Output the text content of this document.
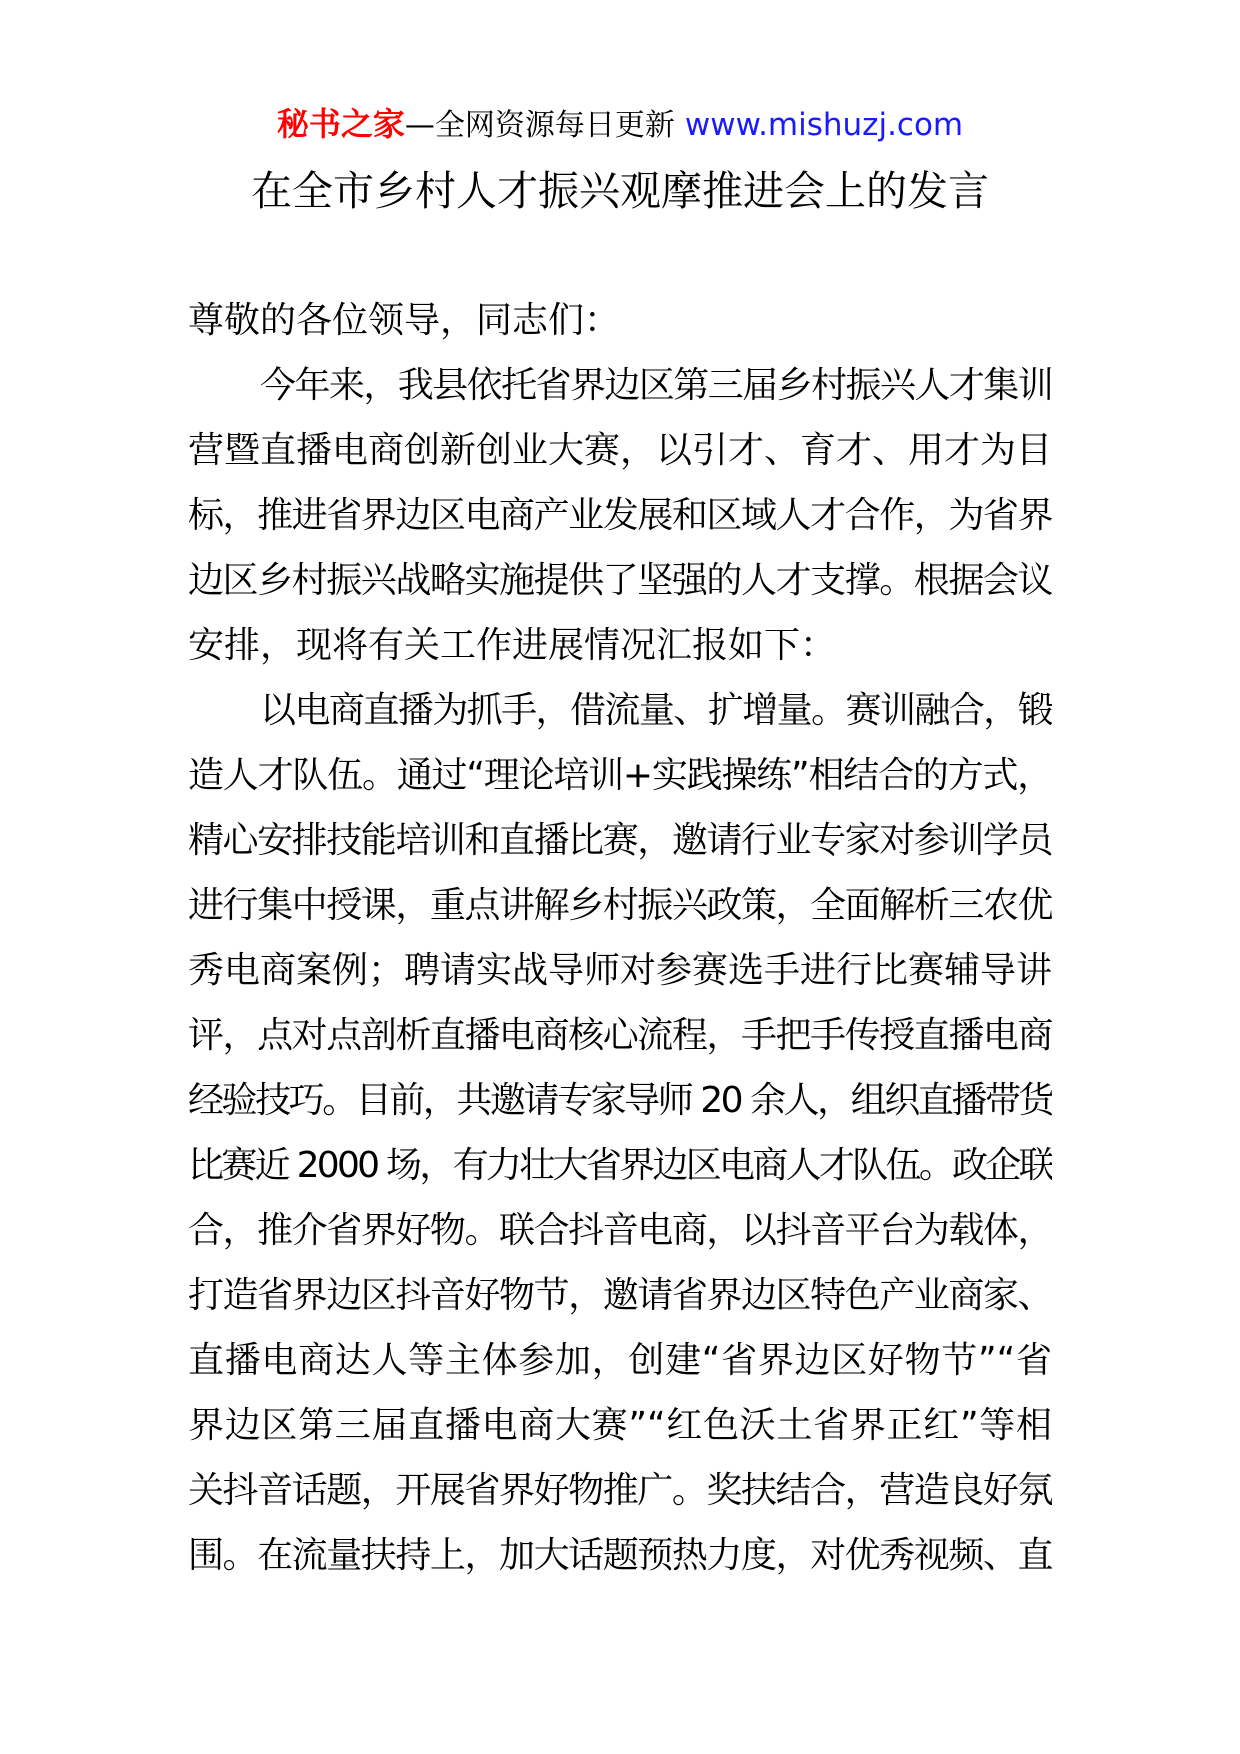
秘书之家—全网资源每日更新 www.mishuzj.com
在全市乡村人才振兴观摩推进会上的发言
尊敬的各位领导，同志们：
今年来，我县依托省界边区第三届乡村振兴人才集训
营暨直播电商创新创业大赛，以引才、育才、用才为目
标，推进省界边区电商产业发展和区域人才合作，为省界
边区乡村振兴战略实施提供了坚强的人才支撑。根据会议
安排，现将有关工作进展情况汇报如下：
以电商直播为抓手，借流量、扩增量。赛训融合，锻
造人才队伍。通过“理论培训+实践操练”相结合的方式，
精心安排技能培训和直播比赛，邀请行业专家对参训学员
进行集中授课，重点讲解乡村振兴政策，全面解析三农优
秀电商案例；聘请实战导师对参赛选手进行比赛辅导讲
评，点对点剖析直播电商核心流程，手把手传授直播电商
经验技巧。目前，共邀请专家导师 20 余人，组织直播带货
比赛近 2000 场，有力壮大省界边区电商人才队伍。政企联
合，推介省界好物。联合抖音电商，以抖音平台为载体，
打造省界边区抖音好物节，邀请省界边区特色产业商家、
直播电商达人等主体参加，创建“省界边区好物节”“省
界边区第三届直播电商大赛”“红色沃土省界正红”等相
关抖音话题，开展省界好物推广。奖扶结合，营造良好氛
围。在流量扶持上，加大话题预热力度，对优秀视频、直
